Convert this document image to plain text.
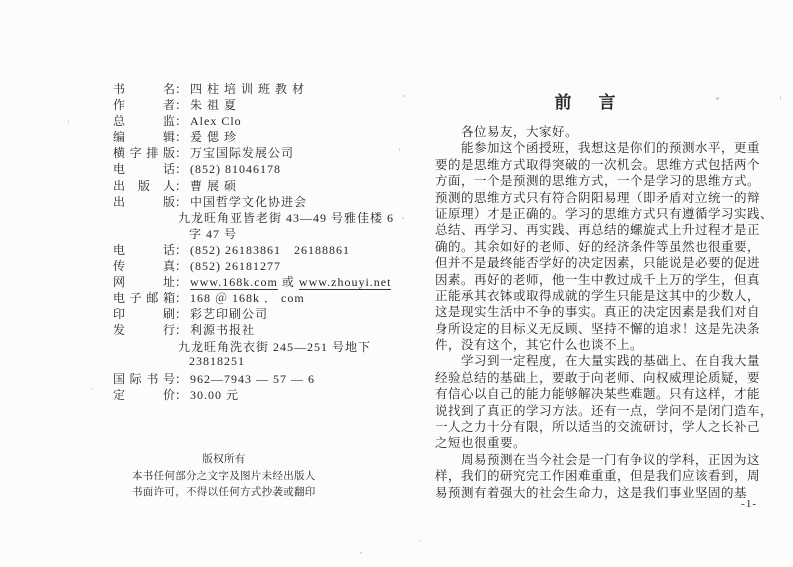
书	名 ： 四 柱 培 训 班 教 材
作	者 ： 朱 祖 夏
总	监 ： Alex Clo
编	辑 ： 爰 偲 珍
横 字 排 版 ： 万宝国际发展公司
电	话 ： (852) 81046178
出 版 人 ： 曹 展 硕
出	版 ： 中国哲学文化协进会
九龙旺角亚皆老街 43—49 号雅佳楼 6
字 47 号
电	话 ： (852) 26183861　26188861
传	真 ： (852) 26181277
网	址 ： www.168k.com 或 www.zhouyi.net
电 子 邮 箱 ： 168 ＠ 168k ． com
印	刷 ： 彩艺印刷公司
发	行 ： 利源书报社
九龙旺角洗衣街 245—251 号地下
23818251
国 际 书 号 ： 962—7943 — 57 — 6
定	价 ： 30.00 元
版权所有
本书任何部分之文字及图片未经出版人
书面许可，不得以任何方式抄袭或翻印
前 言
各位易友，大家好。
能参加这个函授班，我想这是你们的预测水平，更重
要的是思维方式取得突破的一次机会。思维方式包括两个
方面，一个是预测的思维方式，一个是学习的思维方式。
预测的思维方式只有符合阴阳易理（即矛盾对立统一的辩
证原理）才是正确的。学习的思维方式只有遵循学习实践、
总结、再学习、再实践、再总结的螺旋式上升过程才是正
确的。其余如好的老师、好的经济条件等虽然也很重要，
但并不是最终能否学好的决定因素，只能说是必要的促进
因素。再好的老师，他一生中教过成千上万的学生，但真
正能承其衣钵或取得成就的学生只能是这其中的少数人，
这是现实生活中不争的事实。真正的决定因素是我们对自
身所设定的目标义无反顾、坚持不懈的追求！这是先决条
件，没有这个，其它什么也谈不上。
学习到一定程度，在大量实践的基础上、在自我大量
经验总结的基础上，要敢于向老师、向权威理论质疑，要
有信心以自己的能力能够解决某些难题。只有这样，才能
说找到了真正的学习方法。还有一点，学问不是闭门造车，
一人之力十分有限，所以适当的交流研讨，学人之长补己
之短也很重要。
周易预测在当今社会是一门有争议的学科，正因为这
样，我们的研究完工作困难重重，但是我们应该看到，周
易预测有着强大的社会生命力，这是我们事业坚固的基
-1-
